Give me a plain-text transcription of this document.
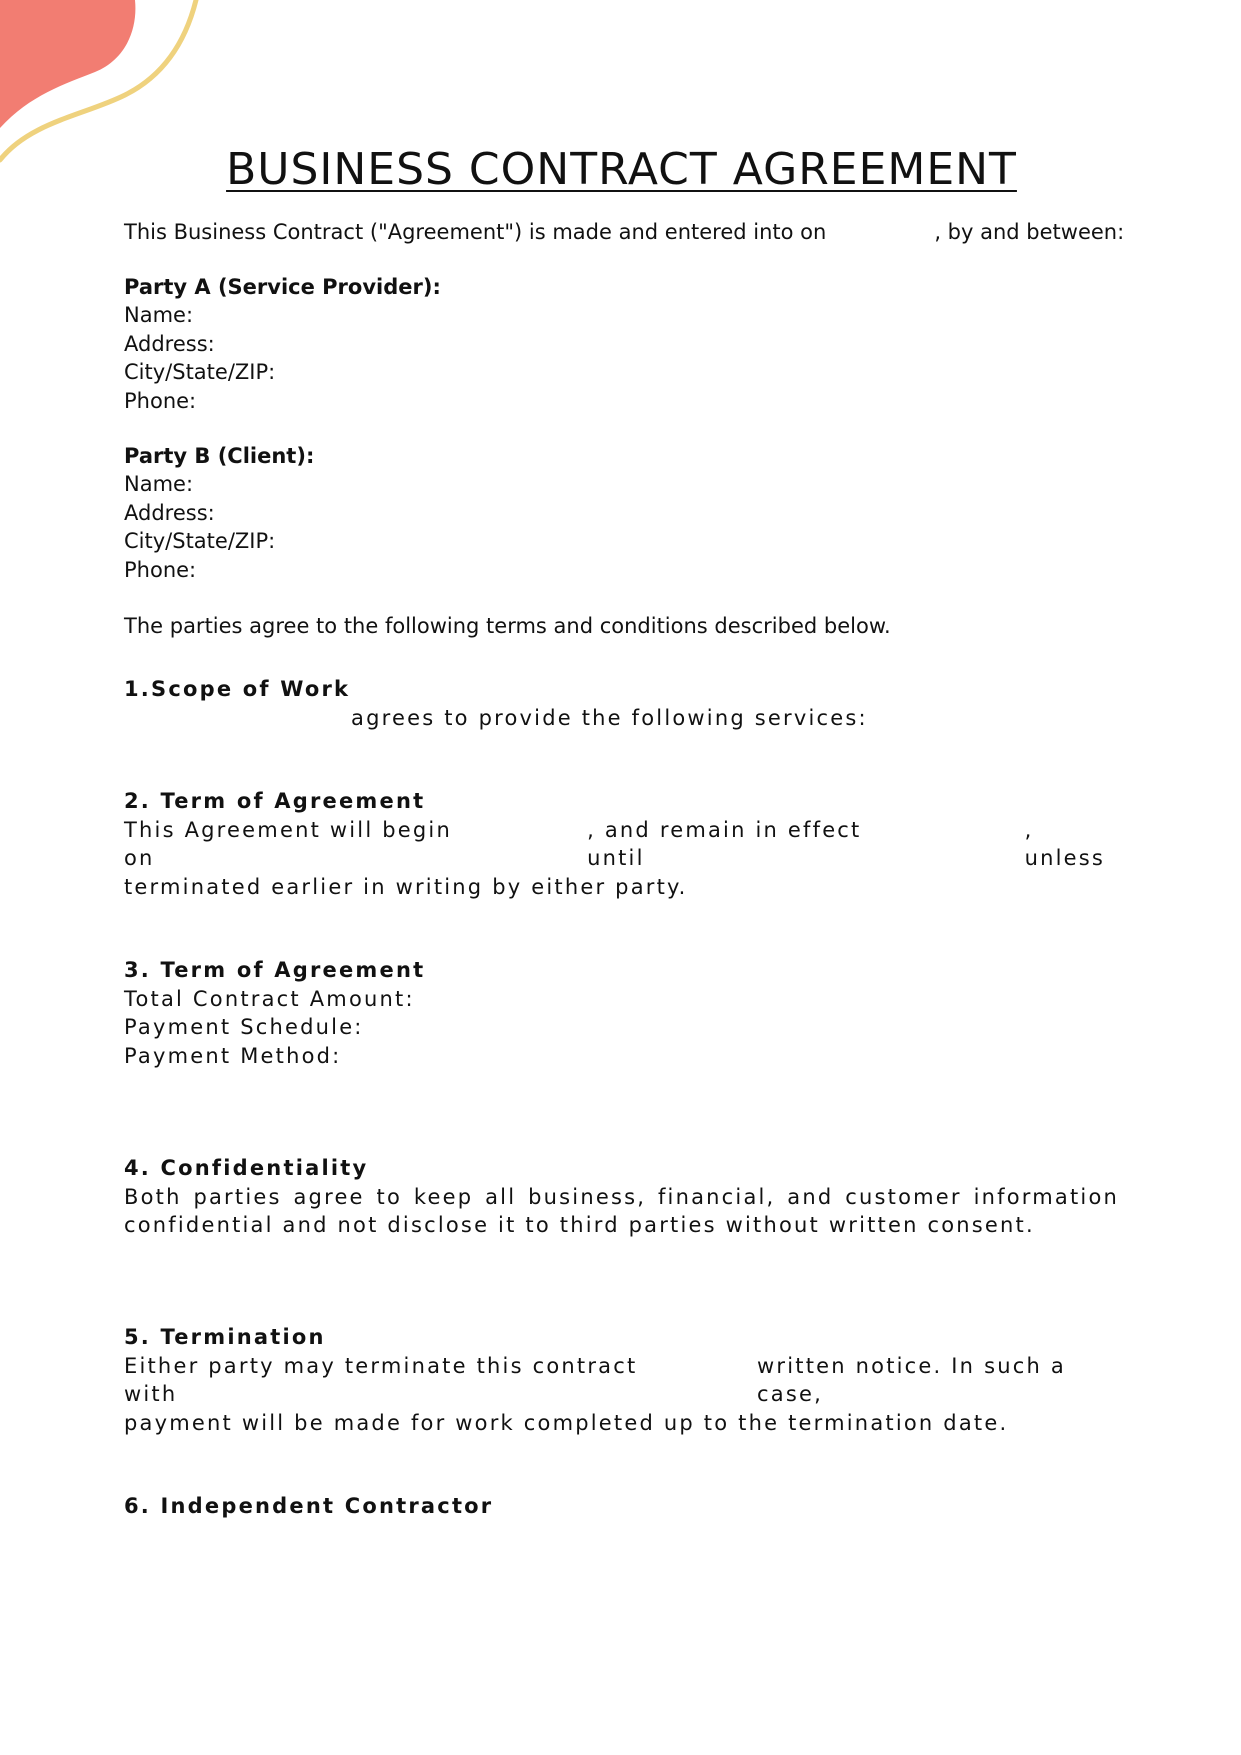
BUSINESS CONTRACT AGREEMENT

This Business Contract ("Agreement") is made and entered into on	, by and between:

Party A (Service Provider):

Name:

Address:

City/State/ZIP:

Phone:

Party B (Client):

Name:

Address:

City/State/ZIP:

Phone:

The parties agree to the following terms and conditions described below.

1.Scope of Work

agrees to provide the following services:

2. Term of Agreement

This Agreement will begin on
, and remain in effect until
, unless

terminated earlier in writing by either party.

3. Term of Agreement

Total Contract Amount:

Payment Schedule:

Payment Method:

4. Confidentiality

Both parties agree to keep all business, financial, and customer information confidential and not disclose it to third parties without written consent.

5. Termination

Either party may terminate this contract with
written notice. In such a case,

payment will be made for work completed up to the termination date.

6. Independent Contractor
